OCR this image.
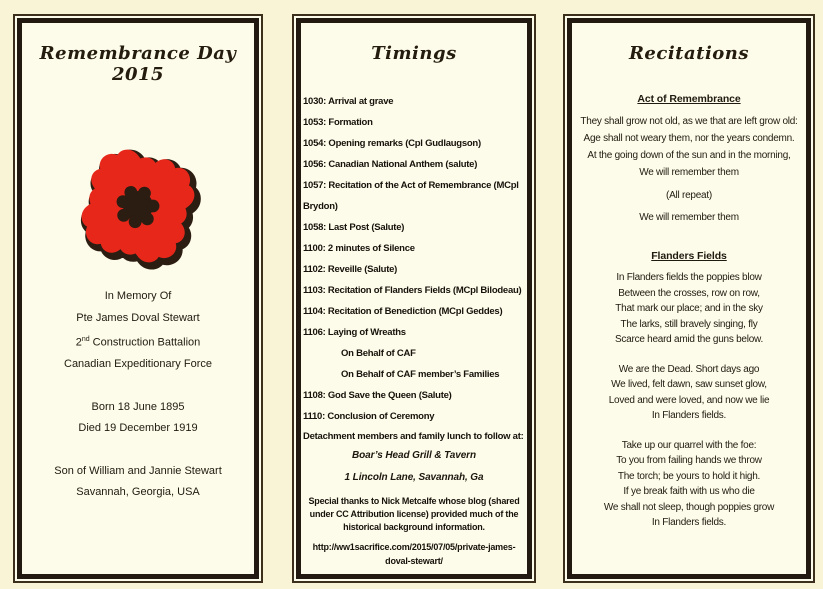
Remembrance Day 2015
In Memory Of
Pte James Doval Stewart
2nd Construction Battalion
Canadian Expeditionary Force
Born 18 June 1895
Died 19 December 1919
Son of William and Jannie Stewart
Savannah, Georgia, USA
Timings
1030: Arrival at grave
1053: Formation
1054: Opening remarks (Cpl Gudlaugson)
1056: Canadian National Anthem (salute)
1057: Recitation of the Act of Remembrance (MCpl Brydon)
1058: Last Post (Salute)
1100: 2 minutes of Silence
1102: Reveille (Salute)
1103: Recitation of Flanders Fields (MCpl Bilodeau)
1104: Recitation of Benediction (MCpl Geddes)
1106: Laying of Wreaths
On Behalf of CAF
On Behalf of CAF member’s Families
1108: God Save the Queen (Salute)
1110: Conclusion of Ceremony
Detachment members and family lunch to follow at:
Boar’s Head Grill & Tavern
1 Lincoln Lane, Savannah, Ga
Special thanks to Nick Metcalfe whose blog (shared under CC Attribution license) provided much of the historical background information.
http://ww1sacrifice.com/2015/07/05/private-james-doval-stewart/
Recitations
Act of Remembrance
They shall grow not old, as we that are left grow old:
Age shall not weary them, nor the years condemn.
At the going down of the sun and in the morning,
We will remember them
(All repeat)
We will remember them
Flanders Fields
In Flanders fields the poppies blow
Between the crosses, row on row,
That mark our place; and in the sky
The larks, still bravely singing, fly
Scarce heard amid the guns below.
We are the Dead. Short days ago
We lived, felt dawn, saw sunset glow,
Loved and were loved, and now we lie
In Flanders fields.
Take up our quarrel with the foe:
To you from failing hands we throw
The torch; be yours to hold it high.
If ye break faith with us who die
We shall not sleep, though poppies grow
In Flanders fields.
